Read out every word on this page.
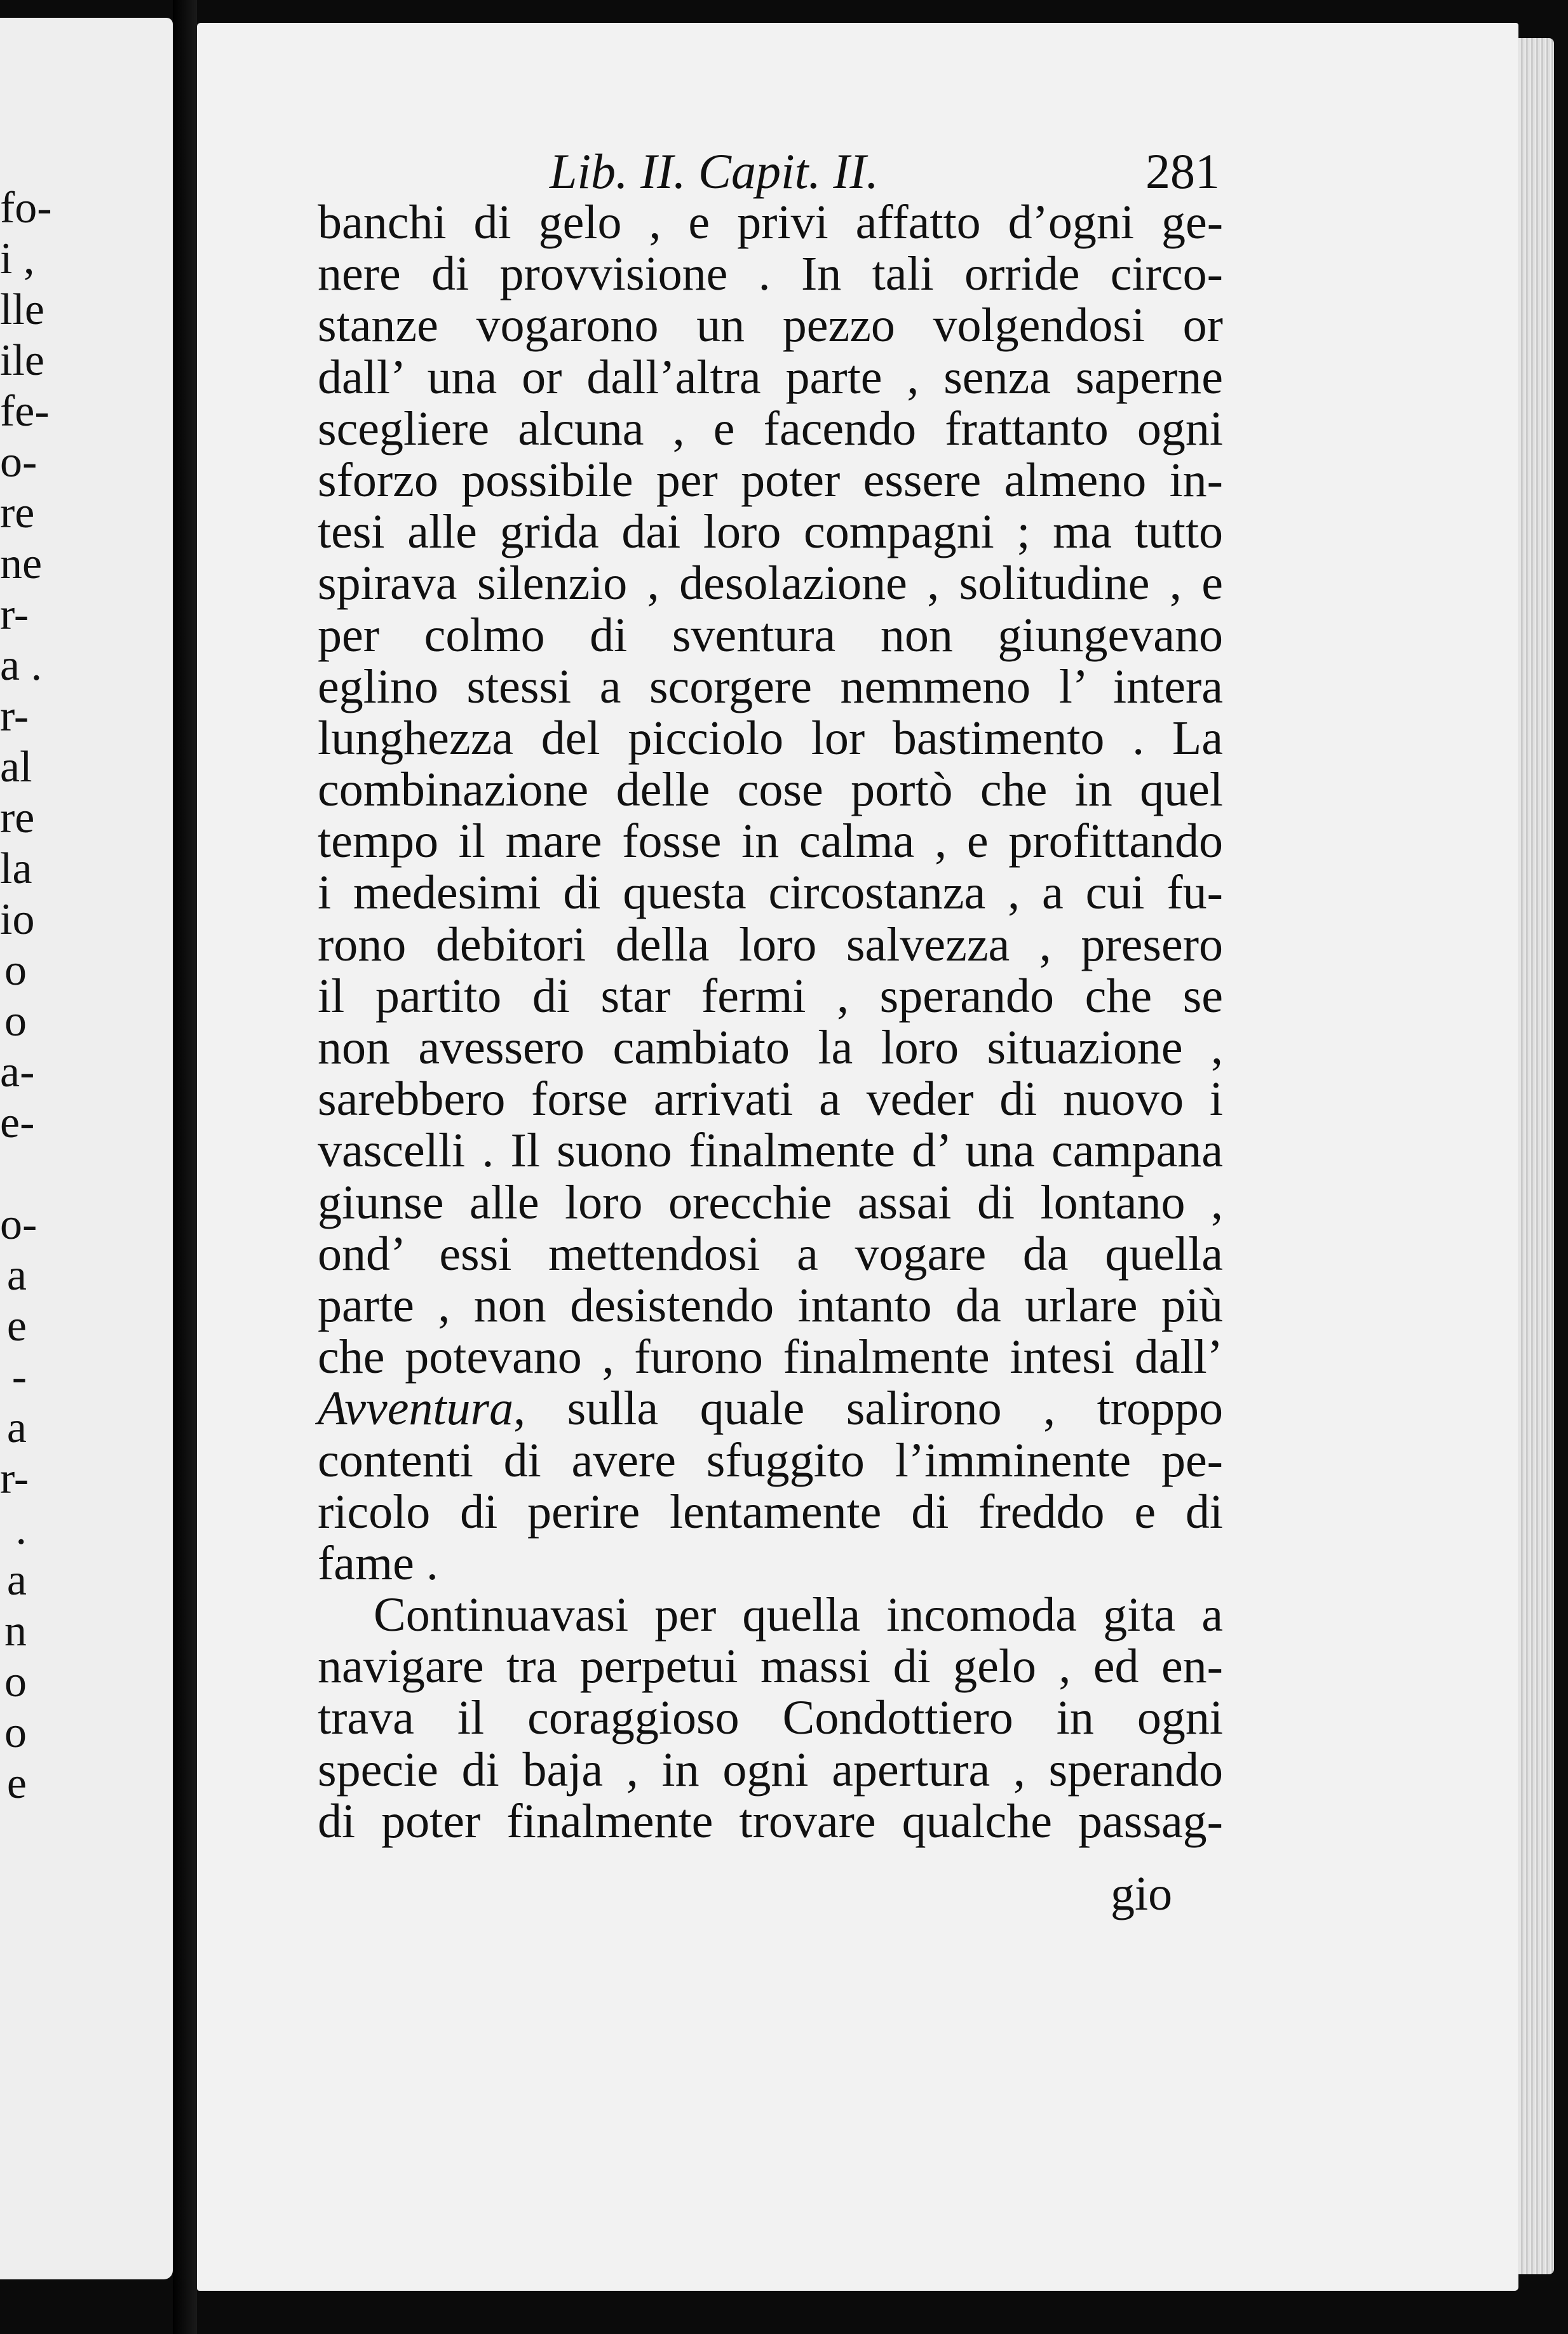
fo-
i ,
lle
ile
fe-
o-
re
ne
r-
a .
r-
al
re
la
io
o
o
a-
e-
o-
a
e
-
a
r-
.
a
n
o
o
e
Lib. II. Capit. II.	281
banchi di gelo , e privi affatto d’ogni ge-
nere di provvisione . In tali orride circo-
stanze vogarono un pezzo volgendosi or
dall’ una or dall’altra parte , senza saperne
scegliere alcuna , e facendo frattanto ogni
sforzo possibile per poter essere almeno in-
tesi alle grida dai loro compagni ; ma tutto
spirava silenzio , desolazione , solitudine , e
per colmo di sventura non giungevano
eglino stessi a scorgere nemmeno l’ intera
lunghezza del picciolo lor bastimento . La
combinazione delle cose portò che in quel
tempo il mare fosse in calma , e profittando
i medesimi di questa circostanza , a cui fu-
rono debitori della loro salvezza , presero
il partito di star fermi , sperando che se
non avessero cambiato la loro situazione ,
sarebbero forse arrivati a veder di nuovo i
vascelli . Il suono finalmente d’ una campana
giunse alle loro orecchie assai di lontano ,
ond’ essi mettendosi a vogare da quella
parte , non desistendo intanto da urlare più
che potevano , furono finalmente intesi dall’
Avventura, sulla quale salirono , troppo
contenti di avere sfuggito l’imminente pe-
ricolo di perire lentamente di freddo e di
fame .
Continuavasi per quella incomoda gita a
navigare tra perpetui massi di gelo , ed en-
trava il coraggioso Condottiero in ogni
specie di baja , in ogni apertura , sperando
di poter finalmente trovare qualche passag-
gio
